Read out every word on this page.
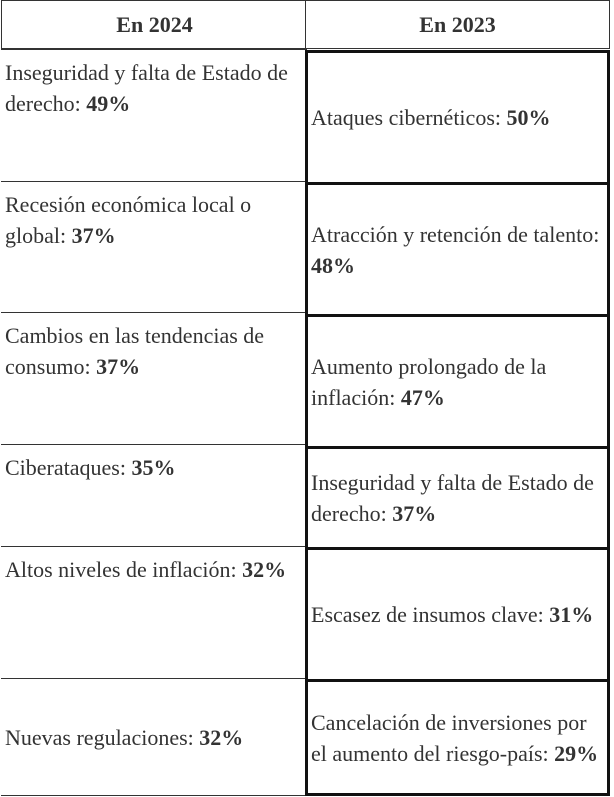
En 2024
Inseguridad y falta de Estado de derecho: 49%
Recesión económica local o global: 37%
Cambios en las tendencias de consumo: 37%
Ciberataques: 35%
Altos niveles de inflación: 32%
Nuevas regulaciones: 32%
En 2023
Ataques cibernéticos: 50%
Atracción y retención de talento: 48%
Aumento prolongado de la inflación: 47%
Inseguridad y falta de Estado de derecho: 37%
Escasez de insumos clave: 31%
Cancelación de inversiones por el aumento del riesgo-país: 29%
